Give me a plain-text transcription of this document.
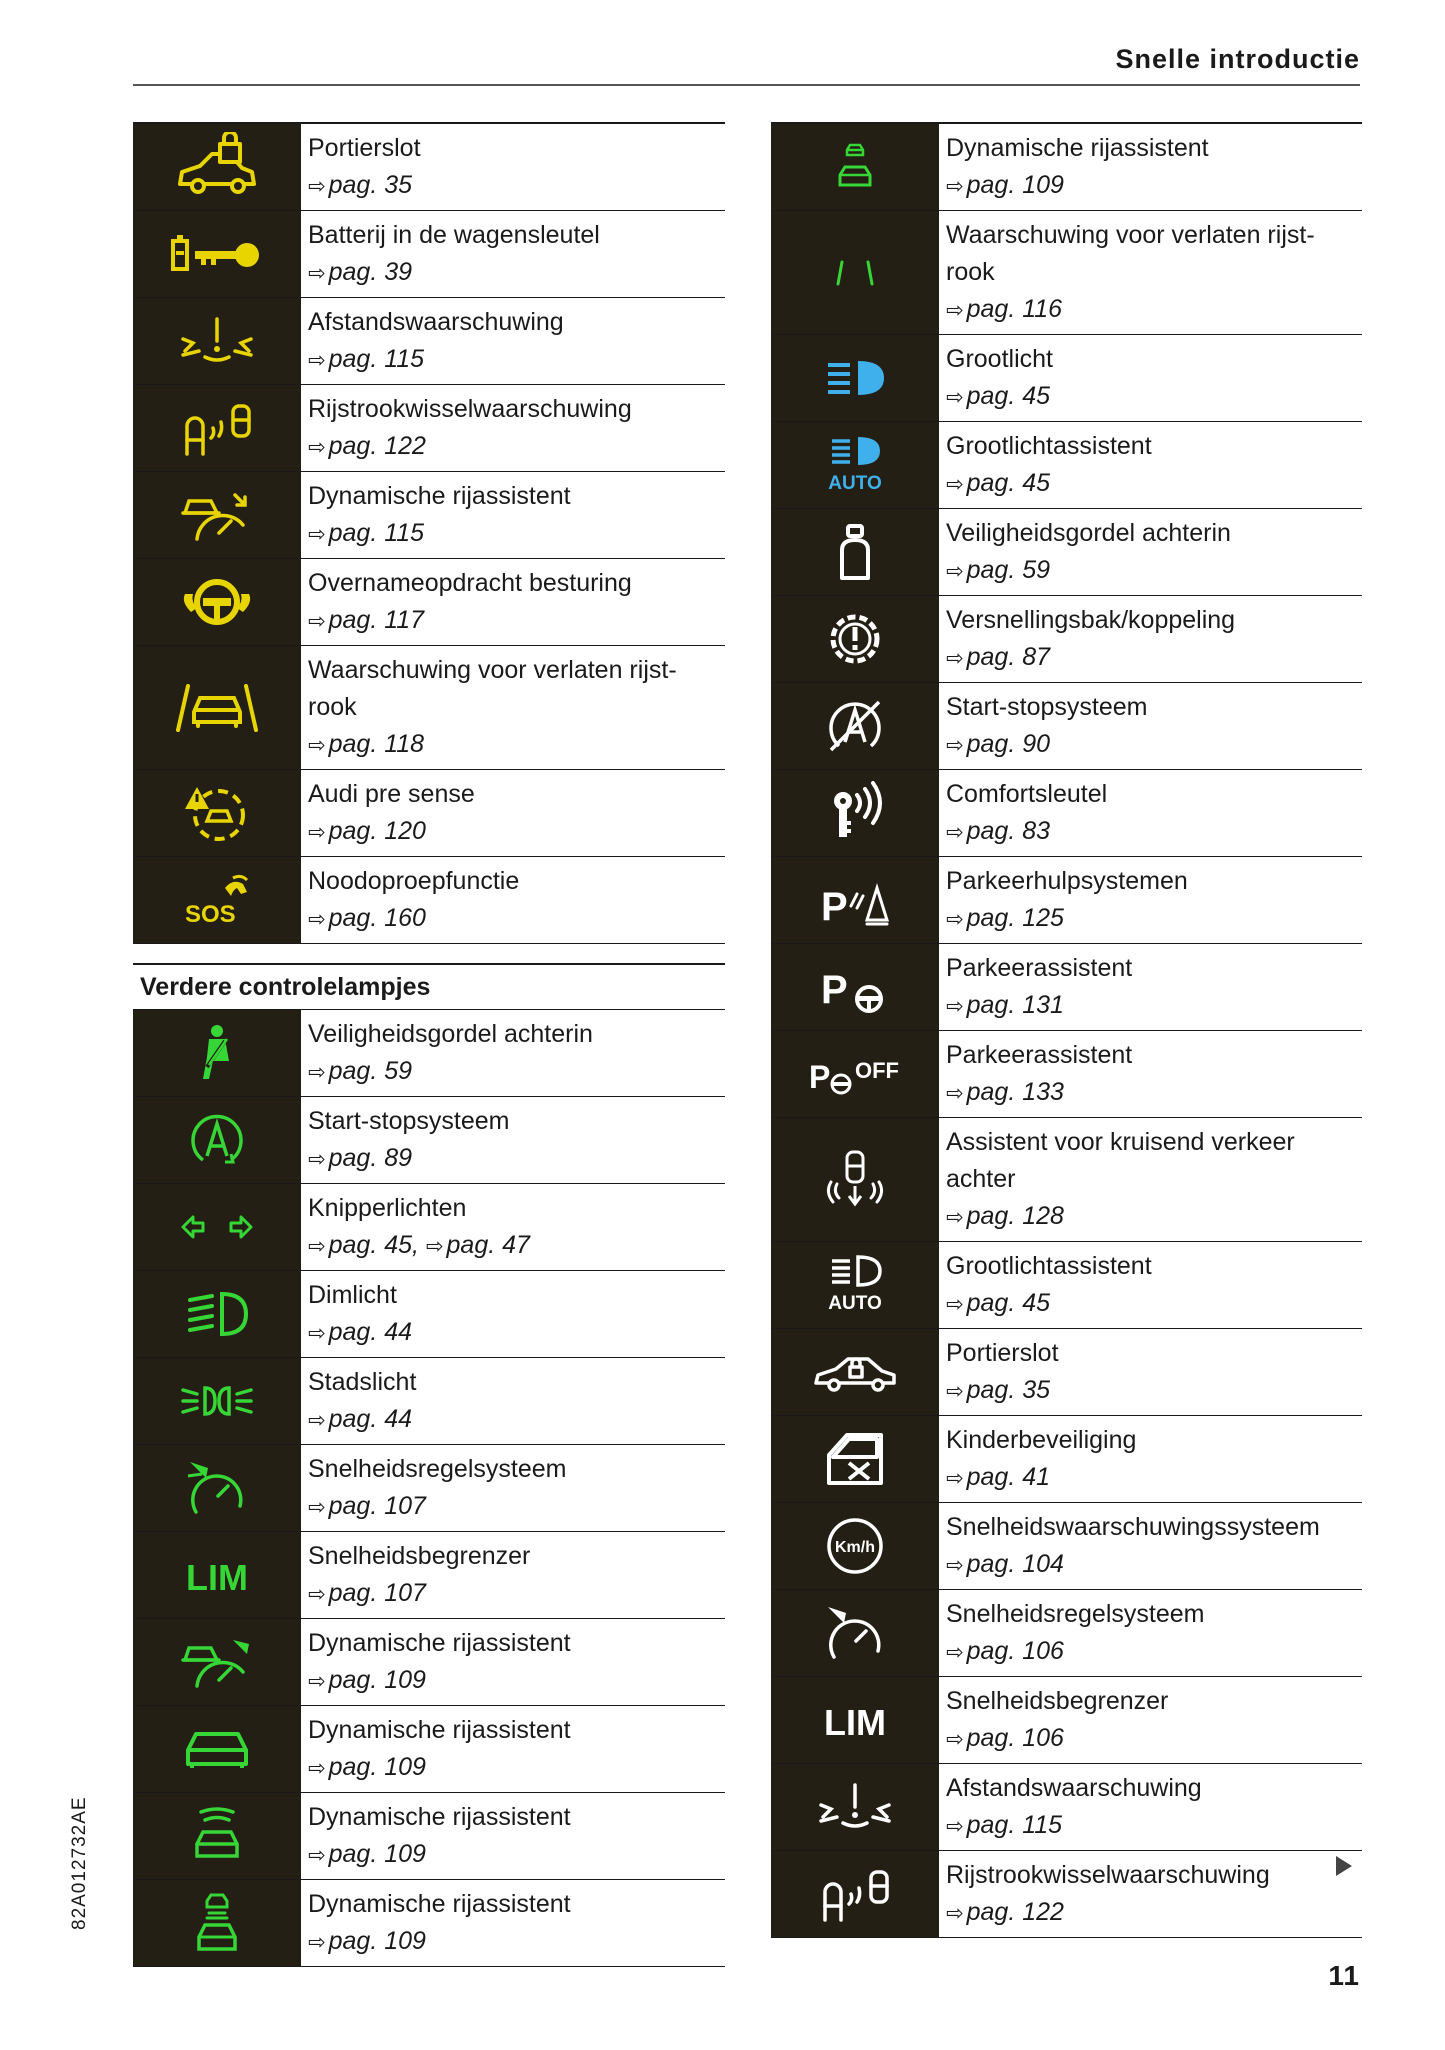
Snelle introductie
Portierslot
⇨ pag. 35
Batterij in de wagensleutel
⇨ pag. 39
Afstandswaarschuwing
⇨ pag. 115
Rijstrookwisselwaarschuwing
⇨ pag. 122
Dynamische rijassistent
⇨ pag. 115
Overnameopdracht besturing
⇨ pag. 117
Waarschuwing voor verlaten rijst-rook
⇨ pag. 118
Audi pre sense
⇨ pag. 120
SOS
Noodoproepfunctie
⇨ pag. 160
Verdere controlelampjes
Veiligheidsgordel achterin
⇨ pag. 59
Start-stopsysteem
⇨ pag. 89
Knipperlichten
⇨ pag. 45, ⇨ pag. 47
Dimlicht
⇨ pag. 44
Stadslicht
⇨ pag. 44
Snelheidsregelsysteem
⇨ pag. 107
LIM
Snelheidsbegrenzer
⇨ pag. 107
Dynamische rijassistent
⇨ pag. 109
Dynamische rijassistent
⇨ pag. 109
Dynamische rijassistent
⇨ pag. 109
Dynamische rijassistent
⇨ pag. 109
Dynamische rijassistent
⇨ pag. 109
Waarschuwing voor verlaten rijst-rook
⇨ pag. 116
Grootlicht
⇨ pag. 45
AUTO
Grootlichtassistent
⇨ pag. 45
Veiligheidsgordel achterin
⇨ pag. 59
Versnellingsbak/koppeling
⇨ pag. 87
Start-stopsysteem
⇨ pag. 90
Comfortsleutel
⇨ pag. 83
P
Parkeerhulpsystemen
⇨ pag. 125
P	Parkeerassistent
⇨ pag. 131
P OFF
Parkeerassistent
⇨ pag. 133
Assistent voor kruisend verkeer achter
⇨ pag. 128
AUTO
Grootlichtassistent
⇨ pag. 45
Portierslot
⇨ pag. 35
Kinderbeveiliging
⇨ pag. 41
Km/h
Snelheidswaarschuwingssysteem
⇨ pag. 104
Snelheidsregelsysteem
⇨ pag. 106
LIM
Snelheidsbegrenzer
⇨ pag. 106
Afstandswaarschuwing
⇨ pag. 115
Rijstrookwisselwaarschuwing
⇨ pag. 122
82A012732AE
11
